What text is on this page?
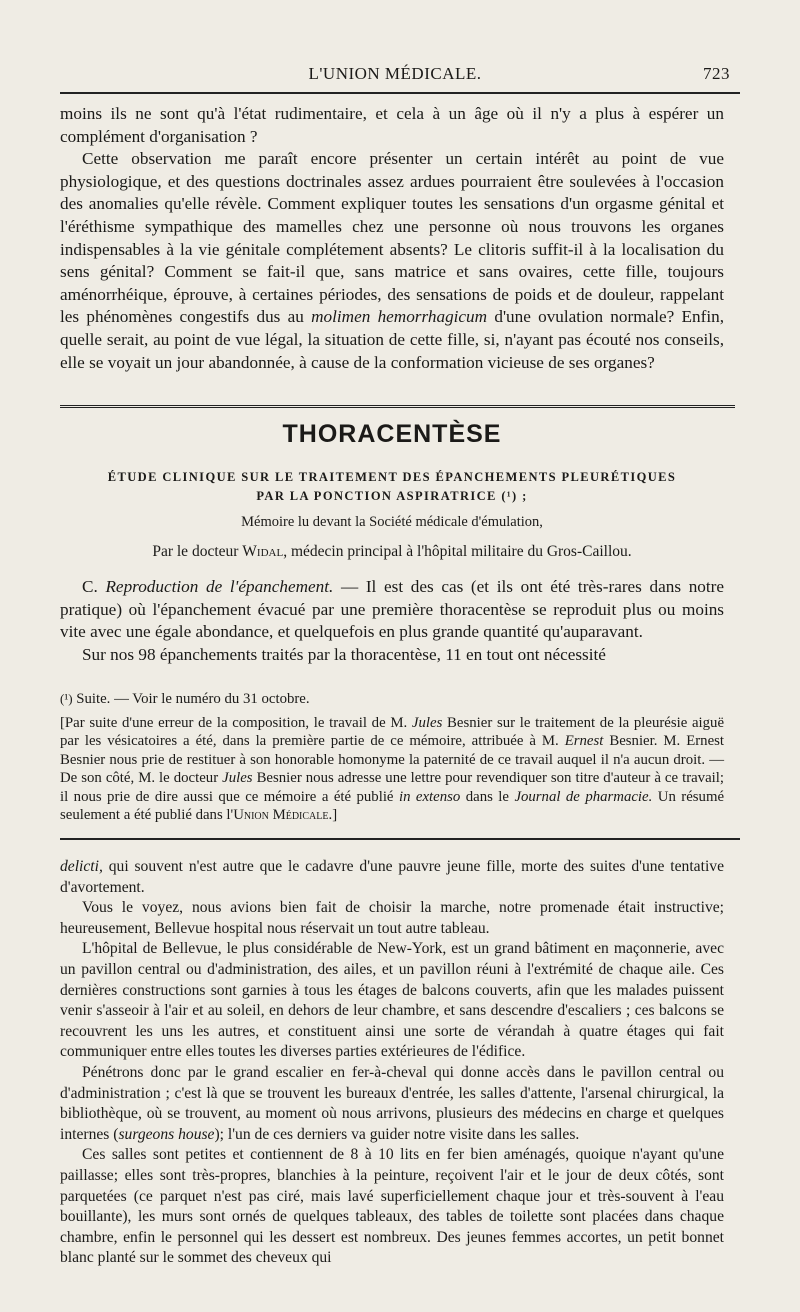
L'UNION MÉDICALE.	723

moins ils ne sont qu'à l'état rudimentaire, et cela à un âge où il n'y a plus à espérer un complément d'organisation ?

Cette observation me paraît encore présenter un certain intérêt au point de vue physiologique, et des questions doctrinales assez ardues pourraient être soulevées à l'occasion des anomalies qu'elle révèle. Comment expliquer toutes les sensations d'un orgasme génital et l'éréthisme sympathique des mamelles chez une personne où nous trouvons les organes indispensables à la vie génitale complétement absents? Le clitoris suffit-il à la localisation du sens génital? Comment se fait-il que, sans matrice et sans ovaires, cette fille, toujours aménorrhéique, éprouve, à certaines périodes, des sensations de poids et de douleur, rappelant les phénomènes congestifs dus au molimen hemorrhagicum d'une ovulation normale? Enfin, quelle serait, au point de vue légal, la situation de cette fille, si, n'ayant pas écouté nos conseils, elle se voyait un jour abandonnée, à cause de la conformation vicieuse de ses organes?

THORACENTÈSE
ÉTUDE CLINIQUE SUR LE TRAITEMENT DES ÉPANCHEMENTS PLEURÉTIQUES
PAR LA PONCTION ASPIRATRICE (¹) ;
Mémoire lu devant la Société médicale d'émulation,
Par le docteur Widal, médecin principal à l'hôpital militaire du Gros-Caillou.

C. Reproduction de l'épanchement. — Il est des cas (et ils ont été très-rares dans notre pratique) où l'épanchement évacué par une première thoracentèse se reproduit plus ou moins vite avec une égale abondance, et quelquefois en plus grande quantité qu'auparavant.

Sur nos 98 épanchements traités par la thoracentèse, 11 en tout ont nécessité

(¹) Suite. — Voir le numéro du 31 octobre.

[Par suite d'une erreur de la composition, le travail de M. Jules Besnier sur le traitement de la pleurésie aiguë par les vésicatoires a été, dans la première partie de ce mémoire, attribuée à M. Ernest Besnier. M. Ernest Besnier nous prie de restituer à son honorable homonyme la paternité de ce travail auquel il n'a aucun droit. — De son côté, M. le docteur Jules Besnier nous adresse une lettre pour revendiquer son titre d'auteur à ce travail; il nous prie de dire aussi que ce mémoire a été publié in extenso dans le Journal de pharmacie. Un résumé seulement a été publié dans l'Union Médicale.]

delicti, qui souvent n'est autre que le cadavre d'une pauvre jeune fille, morte des suites d'une tentative d'avortement.

Vous le voyez, nous avions bien fait de choisir la marche, notre promenade était instructive; heureusement, Bellevue hospital nous réservait un tout autre tableau.

L'hôpital de Bellevue, le plus considérable de New-York, est un grand bâtiment en maçonnerie, avec un pavillon central ou d'administration, des ailes, et un pavillon réuni à l'extrémité de chaque aile. Ces dernières constructions sont garnies à tous les étages de balcons couverts, afin que les malades puissent venir s'asseoir à l'air et au soleil, en dehors de leur chambre, et sans descendre d'escaliers ; ces balcons se recouvrent les uns les autres, et constituent ainsi une sorte de vérandah à quatre étages qui fait communiquer entre elles toutes les diverses parties extérieures de l'édifice.

Pénétrons donc par le grand escalier en fer-à-cheval qui donne accès dans le pavillon central ou d'administration ; c'est là que se trouvent les bureaux d'entrée, les salles d'attente, l'arsenal chirurgical, la bibliothèque, où se trouvent, au moment où nous arrivons, plusieurs des médecins en charge et quelques internes (surgeons house); l'un de ces derniers va guider notre visite dans les salles.

Ces salles sont petites et contiennent de 8 à 10 lits en fer bien aménagés, quoique n'ayant qu'une paillasse; elles sont très-propres, blanchies à la peinture, reçoivent l'air et le jour de deux côtés, sont parquetées (ce parquet n'est pas ciré, mais lavé superficiellement chaque jour et très-souvent à l'eau bouillante), les murs sont ornés de quelques tableaux, des tables de toilette sont placées dans chaque chambre, enfin le personnel qui les dessert est nombreux. Des jeunes femmes accortes, un petit bonnet blanc planté sur le sommet des cheveux qui
